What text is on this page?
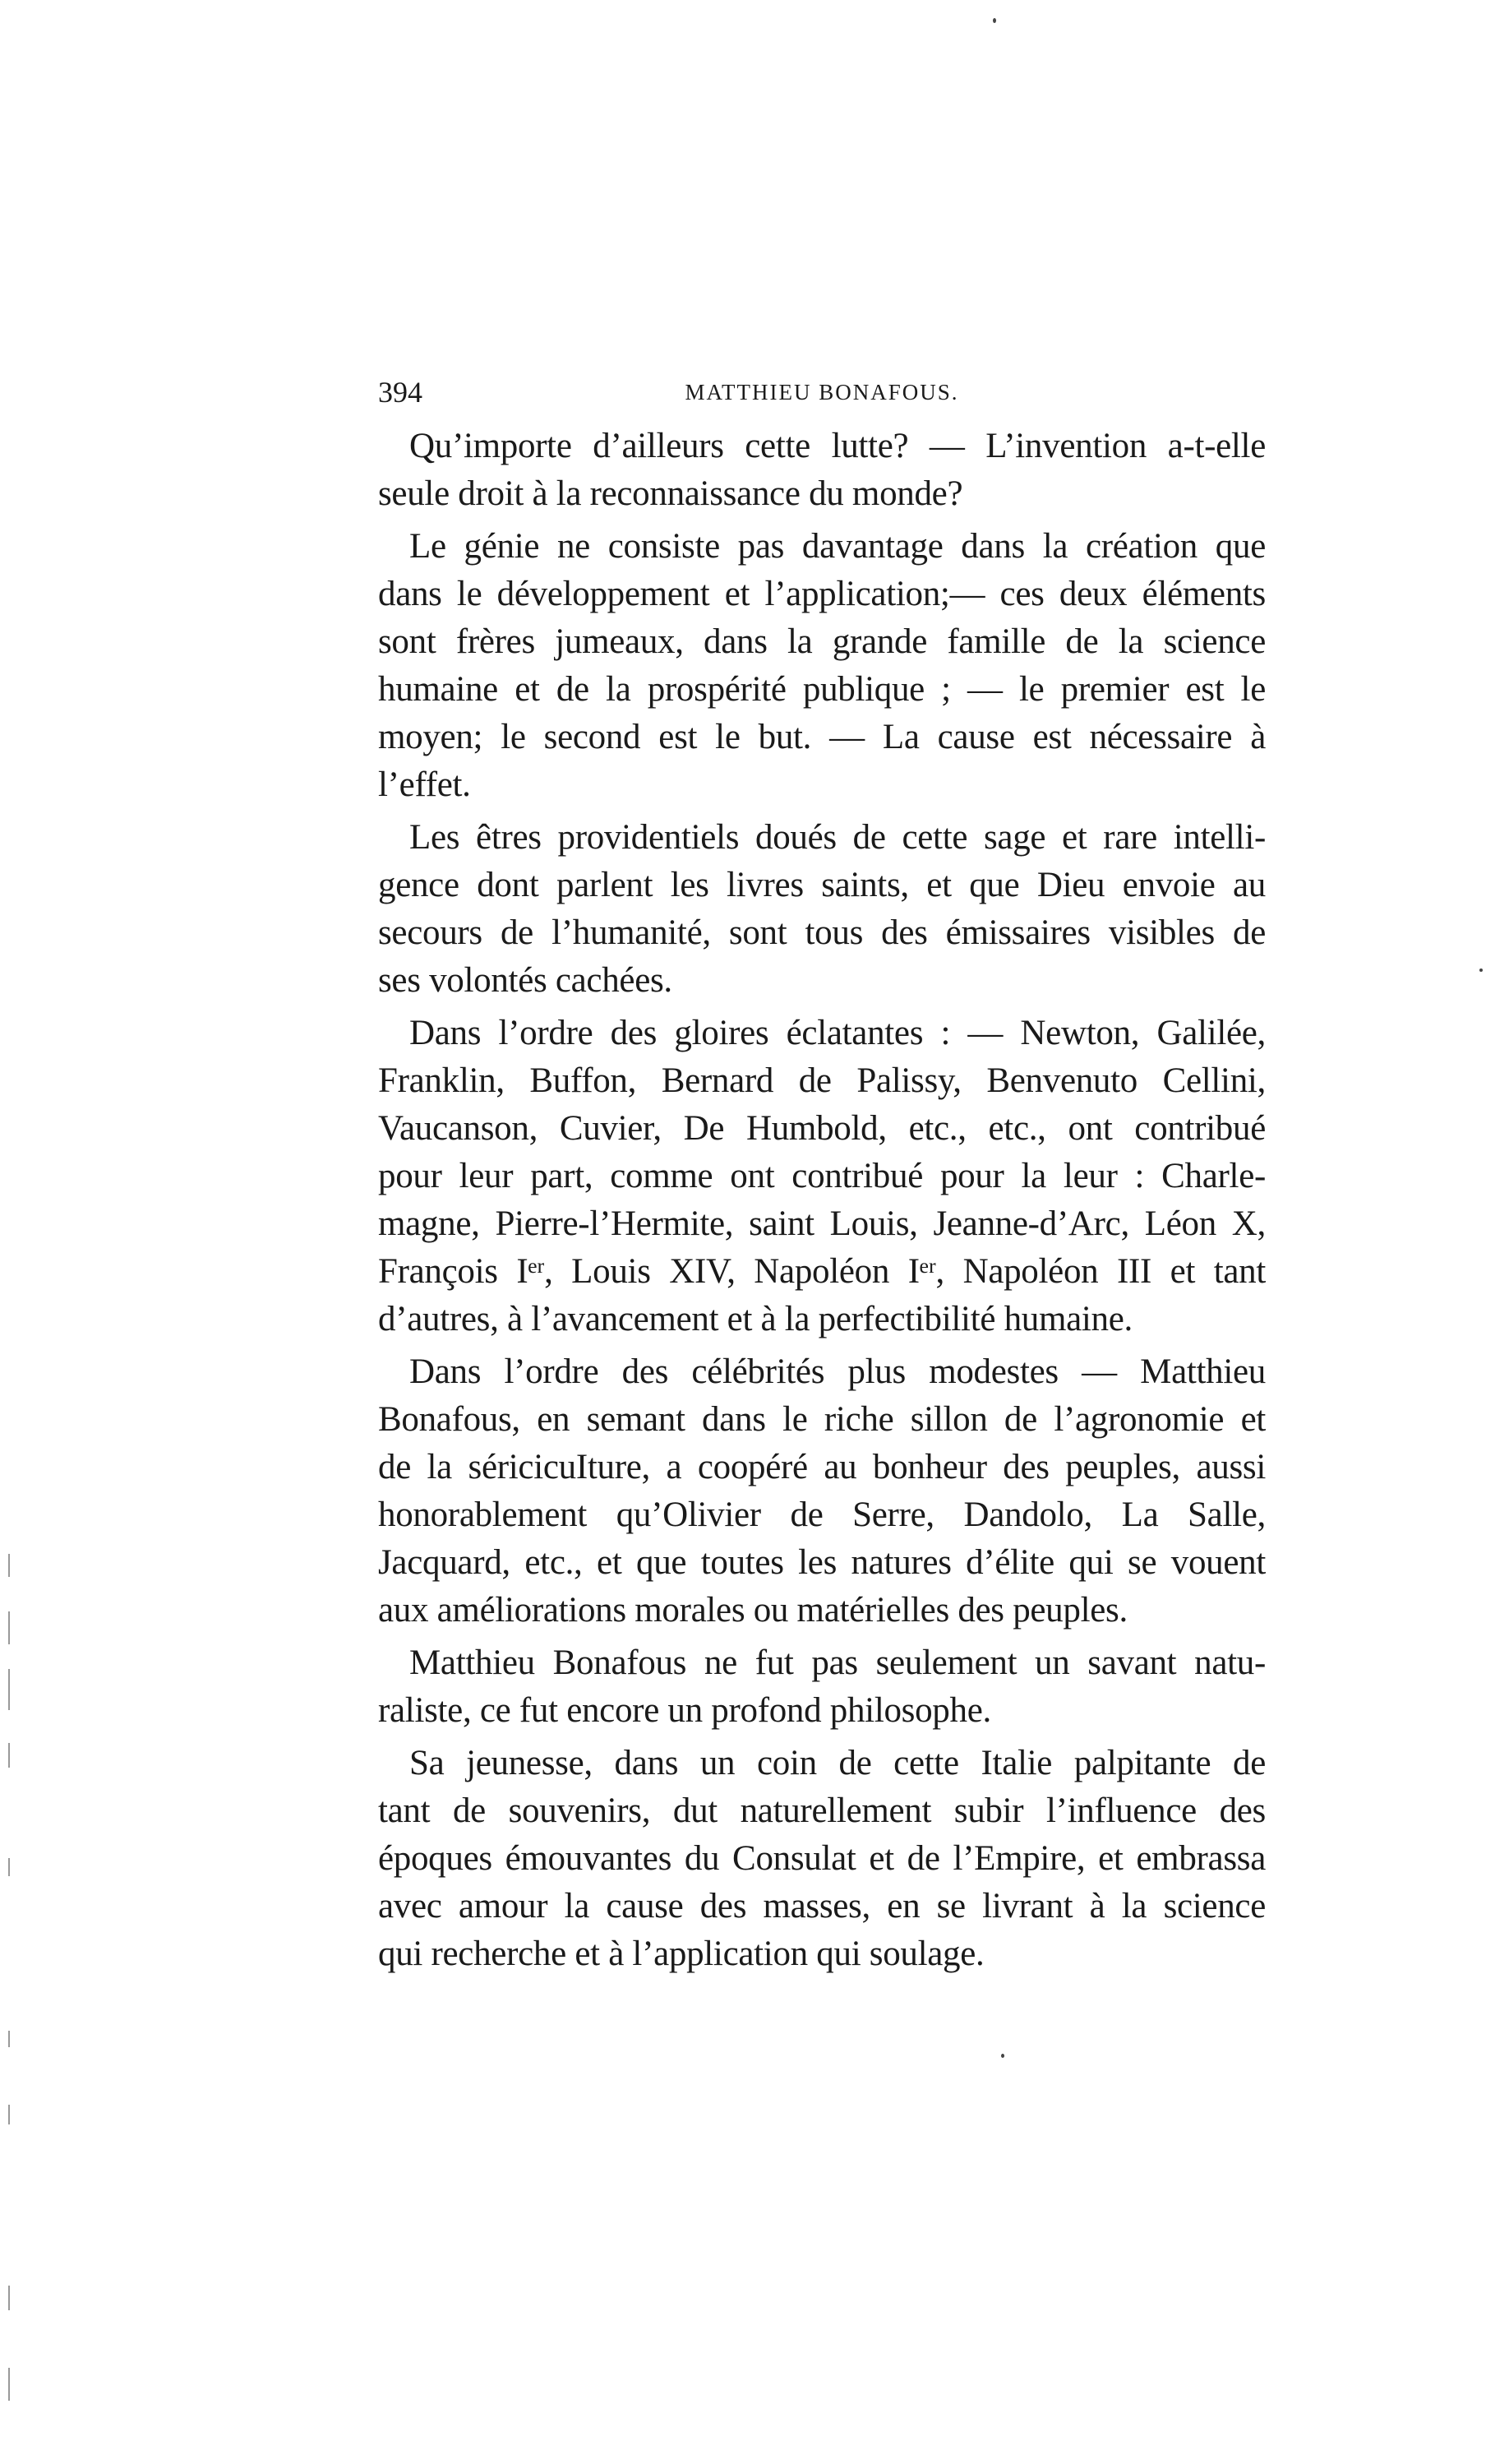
394	MATTHIEU BONAFOUS.

Qu’importe d’ailleurs cette lutte? — L’invention a-t-elle
seule droit à la reconnaissance du monde?

Le génie ne consiste pas davantage dans la création que
dans le développement et l’application;— ces deux éléments
sont frères jumeaux, dans la grande famille de la science
humaine et de la prospérité publique ; — le premier est le
moyen; le second est le but. — La cause est nécessaire à
l’effet.

Les êtres providentiels doués de cette sage et rare intelli-
gence dont parlent les livres saints, et que Dieu envoie au
secours de l’humanité, sont tous des émissaires visibles de
ses volontés cachées.

Dans l’ordre des gloires éclatantes : — Newton, Galilée,
Franklin, Buffon, Bernard de Palissy, Benvenuto Cellini,
Vaucanson, Cuvier, De Humbold, etc., etc., ont contribué
pour leur part, comme ont contribué pour la leur : Charle-
magne, Pierre-l’Hermite, saint Louis, Jeanne-d’Arc, Léon X,
François Iᵉʳ, Louis XIV, Napoléon Iᵉʳ, Napoléon III et tant
d’autres, à l’avancement et à la perfectibilité humaine.

Dans l’ordre des célébrités plus modestes — Matthieu
Bonafous, en semant dans le riche sillon de l’agronomie et
de la séricicuIture, a coopéré au bonheur des peuples, aussi
honorablement qu’Olivier de Serre, Dandolo, La Salle,
Jacquard, etc., et que toutes les natures d’élite qui se vouent
aux améliorations morales ou matérielles des peuples.

Matthieu Bonafous ne fut pas seulement un savant natu-
raliste, ce fut encore un profond philosophe.

Sa jeunesse, dans un coin de cette Italie palpitante de
tant de souvenirs, dut naturellement subir l’influence des
époques émouvantes du Consulat et de l’Empire, et embrassa
avec amour la cause des masses, en se livrant à la science
qui recherche et à l’application qui soulage.
